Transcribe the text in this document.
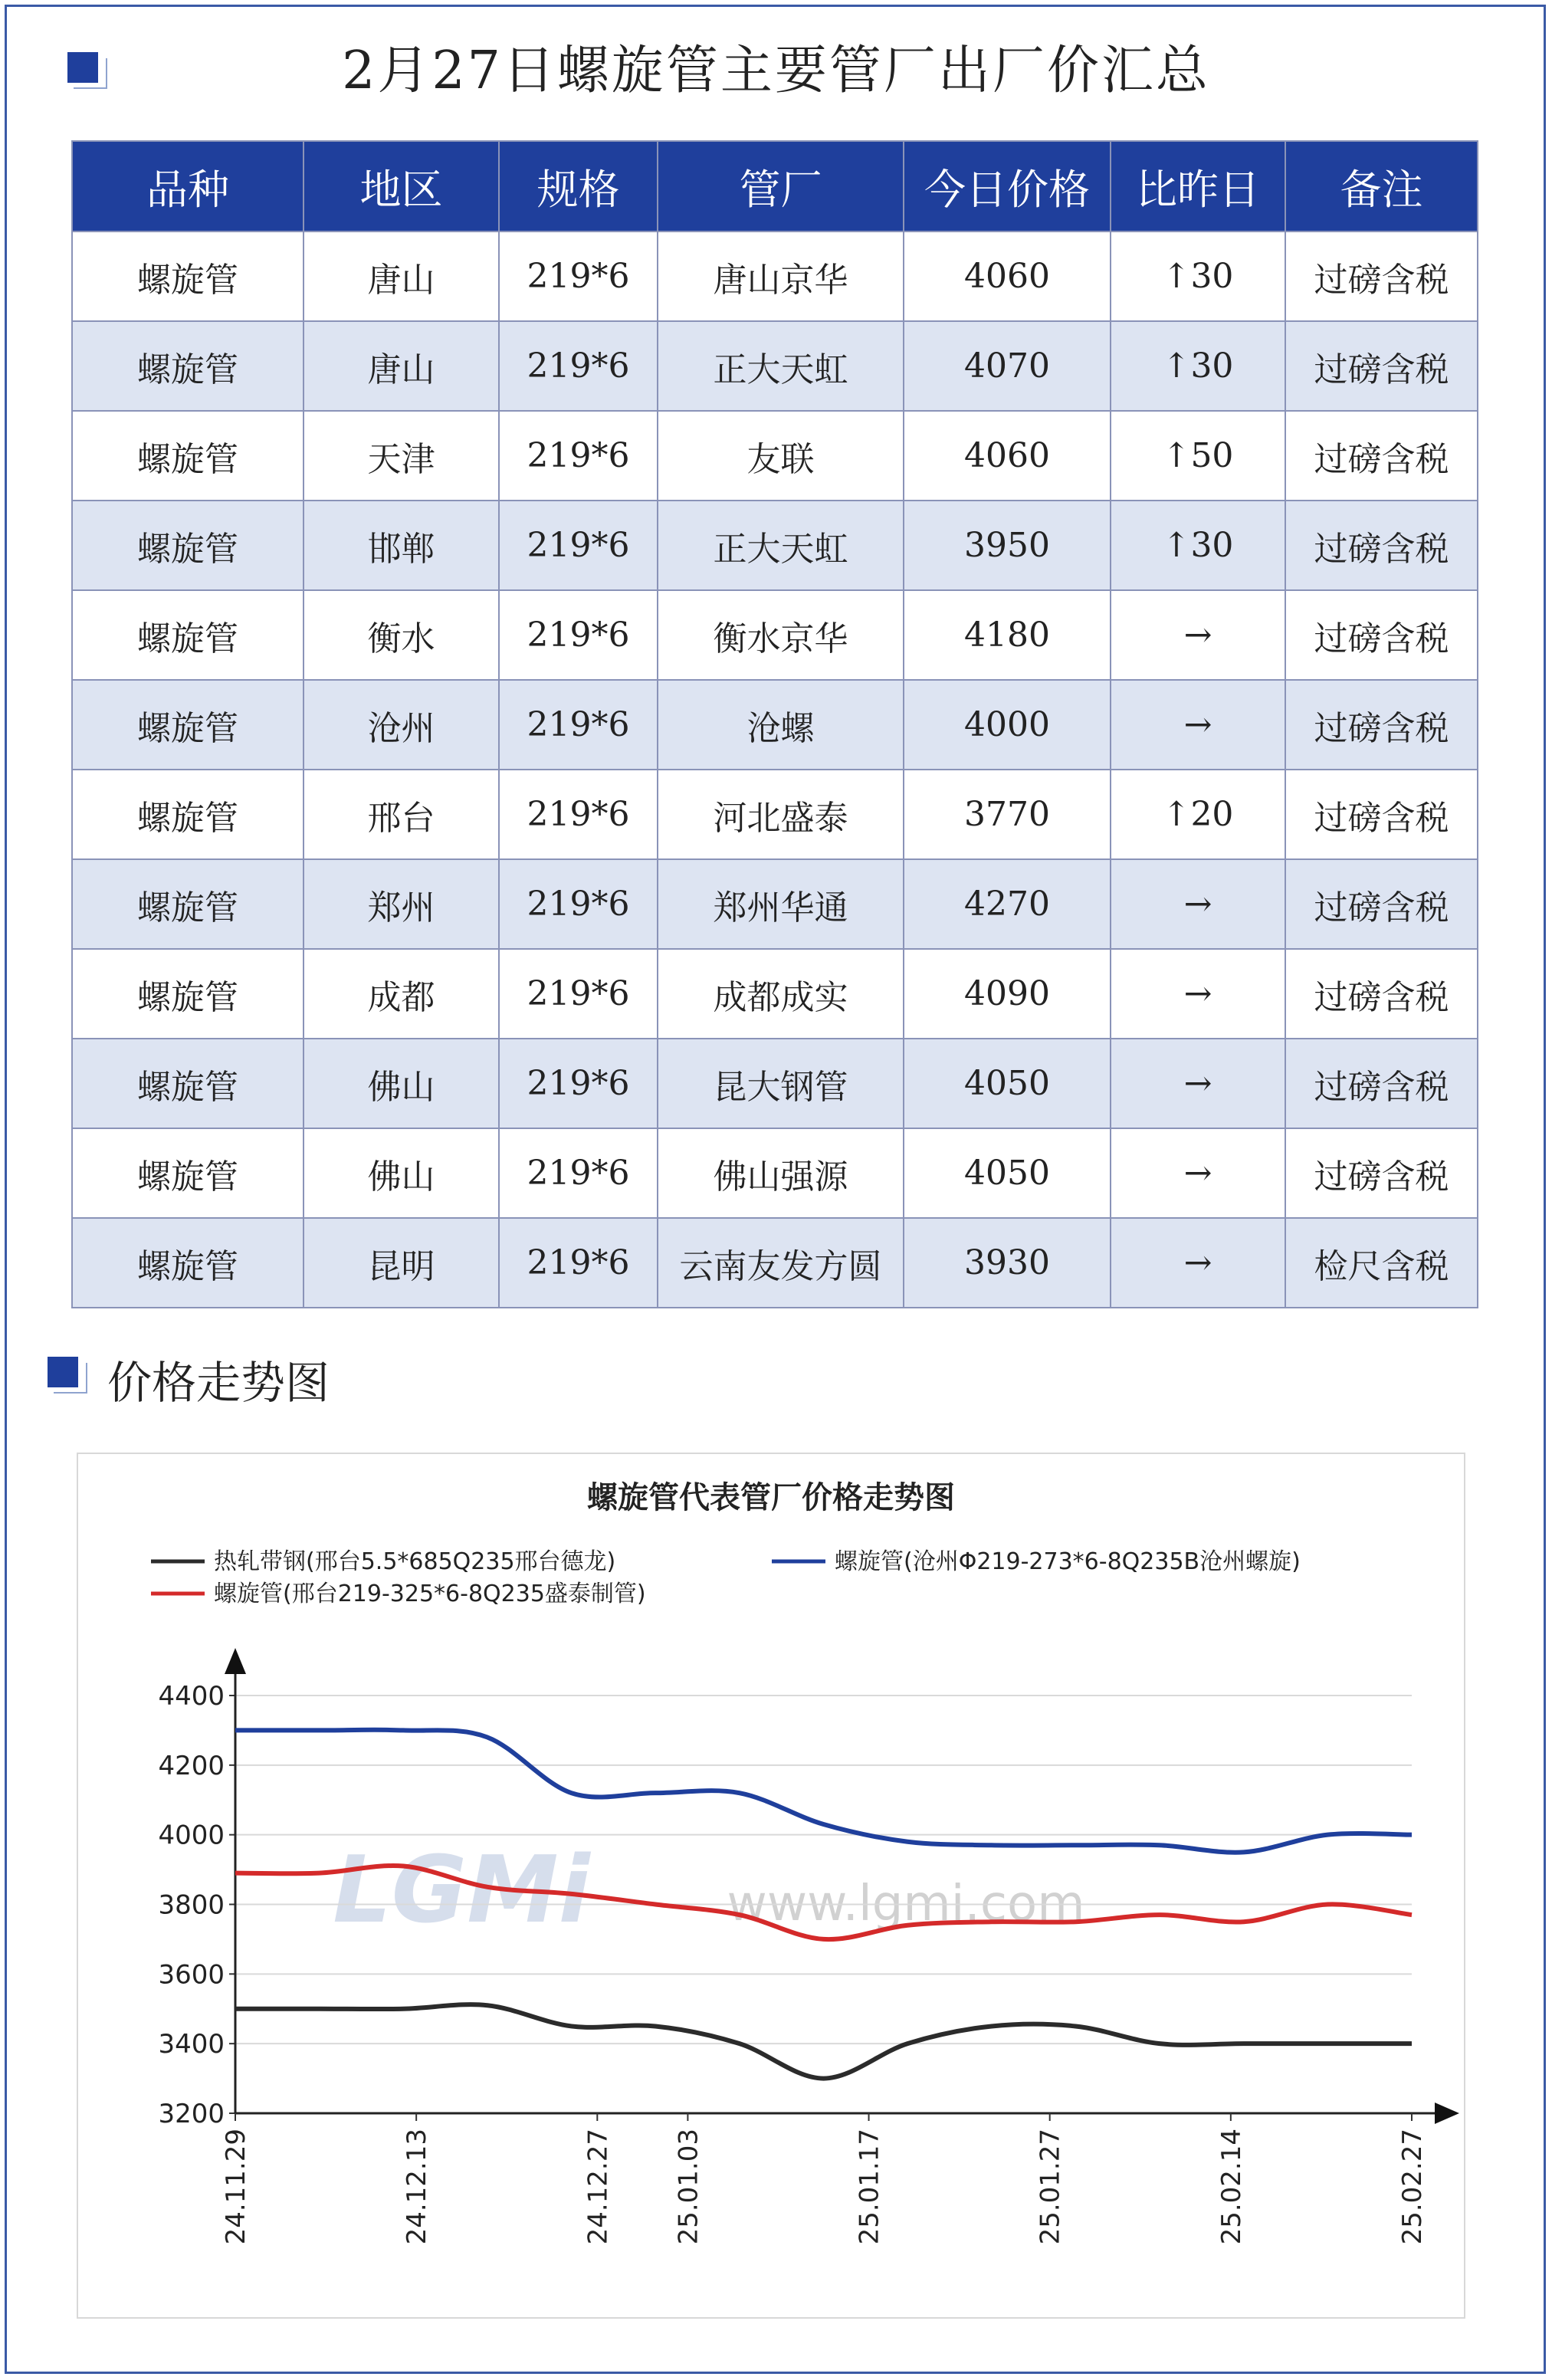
2月27日螺旋管主要管厂出厂价汇总
品种	地区	规格	管厂	今日价格	比昨日	备注
螺旋管	唐山	219*6	唐山京华	4060	↑30	过磅含税
螺旋管	唐山	219*6	正大天虹	4070	↑30	过磅含税
螺旋管	天津	219*6	友联	4060	↑50	过磅含税
螺旋管	邯郸	219*6	正大天虹	3950	↑30	过磅含税
螺旋管	衡水	219*6	衡水京华	4180	→	过磅含税
螺旋管	沧州	219*6	沧螺	4000	→	过磅含税
螺旋管	邢台	219*6	河北盛泰	3770	↑20	过磅含税
螺旋管	郑州	219*6	郑州华通	4270	→	过磅含税
螺旋管	成都	219*6	成都成实	4090	→	过磅含税
螺旋管	佛山	219*6	昆大钢管	4050	→	过磅含税
螺旋管	佛山	219*6	佛山强源	4050	→	过磅含税
螺旋管	昆明	219*6	云南友发方圆	3930	→	检尺含税
价格走势图
螺旋管代表管厂价格走势图
热轧带钢(邢台5.5*685Q235邢台德龙)	螺旋管(沧州Φ219-273*6-8Q235B沧州螺旋)
螺旋管(邢台219-325*6-8Q235盛泰制管)
LGMi	www.lgmi.com
3200
3400
3600
3800
4000
4200
4400
24.11.29	24.12.13	24.12.27 25.01.03	25.01.17	25.01.27	25.02.14	25.02.27
